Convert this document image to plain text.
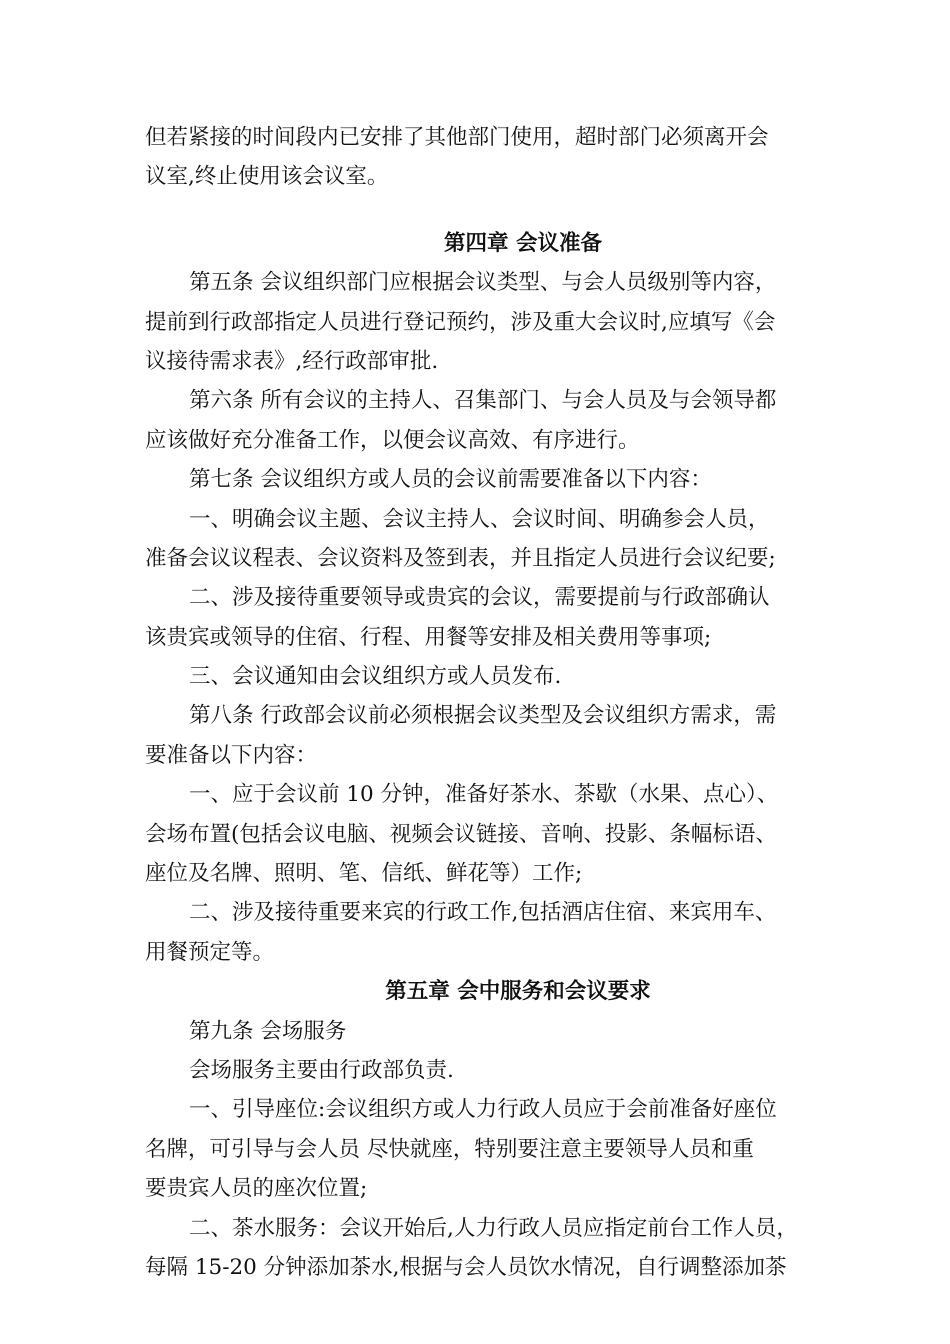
但若紧接的时间段内已安排了其他部门使用，超时部门必须离开会
议室,终止使用该会议室。
第四章 会议准备
第五条 会议组织部门应根据会议类型、与会人员级别等内容，
提前到行政部指定人员进行登记预约，涉及重大会议时,应填写《会
议接待需求表》,经行政部审批.
第六条 所有会议的主持人、召集部门、与会人员及与会领导都
应该做好充分准备工作，以便会议高效、有序进行。
第七条 会议组织方或人员的会议前需要准备以下内容：
一、明确会议主题、会议主持人、会议时间、明确参会人员，
准备会议议程表、会议资料及签到表，并且指定人员进行会议纪要;
二、涉及接待重要领导或贵宾的会议，需要提前与行政部确认
该贵宾或领导的住宿、行程、用餐等安排及相关费用等事项;
三、会议通知由会议组织方或人员发布.
第八条 行政部会议前必须根据会议类型及会议组织方需求，需
要准备以下内容：
一、应于会议前 10 分钟，准备好茶水、茶歇（水果、点心）、
会场布置(包括会议电脑、视频会议链接、音响、投影、条幅标语、
座位及名牌、照明、笔、信纸、鲜花等）工作;
二、涉及接待重要来宾的行政工作,包括酒店住宿、来宾用车、
用餐预定等。
第五章 会中服务和会议要求
第九条 会场服务
会场服务主要由行政部负责.
一、引导座位:会议组织方或人力行政人员应于会前准备好座位
名牌，可引导与会人员 尽快就座，特别要注意主要领导人员和重
要贵宾人员的座次位置;
二、茶水服务：会议开始后,人力行政人员应指定前台工作人员，
每隔 15-20 分钟添加茶水,根据与会人员饮水情况，自行调整添加茶
